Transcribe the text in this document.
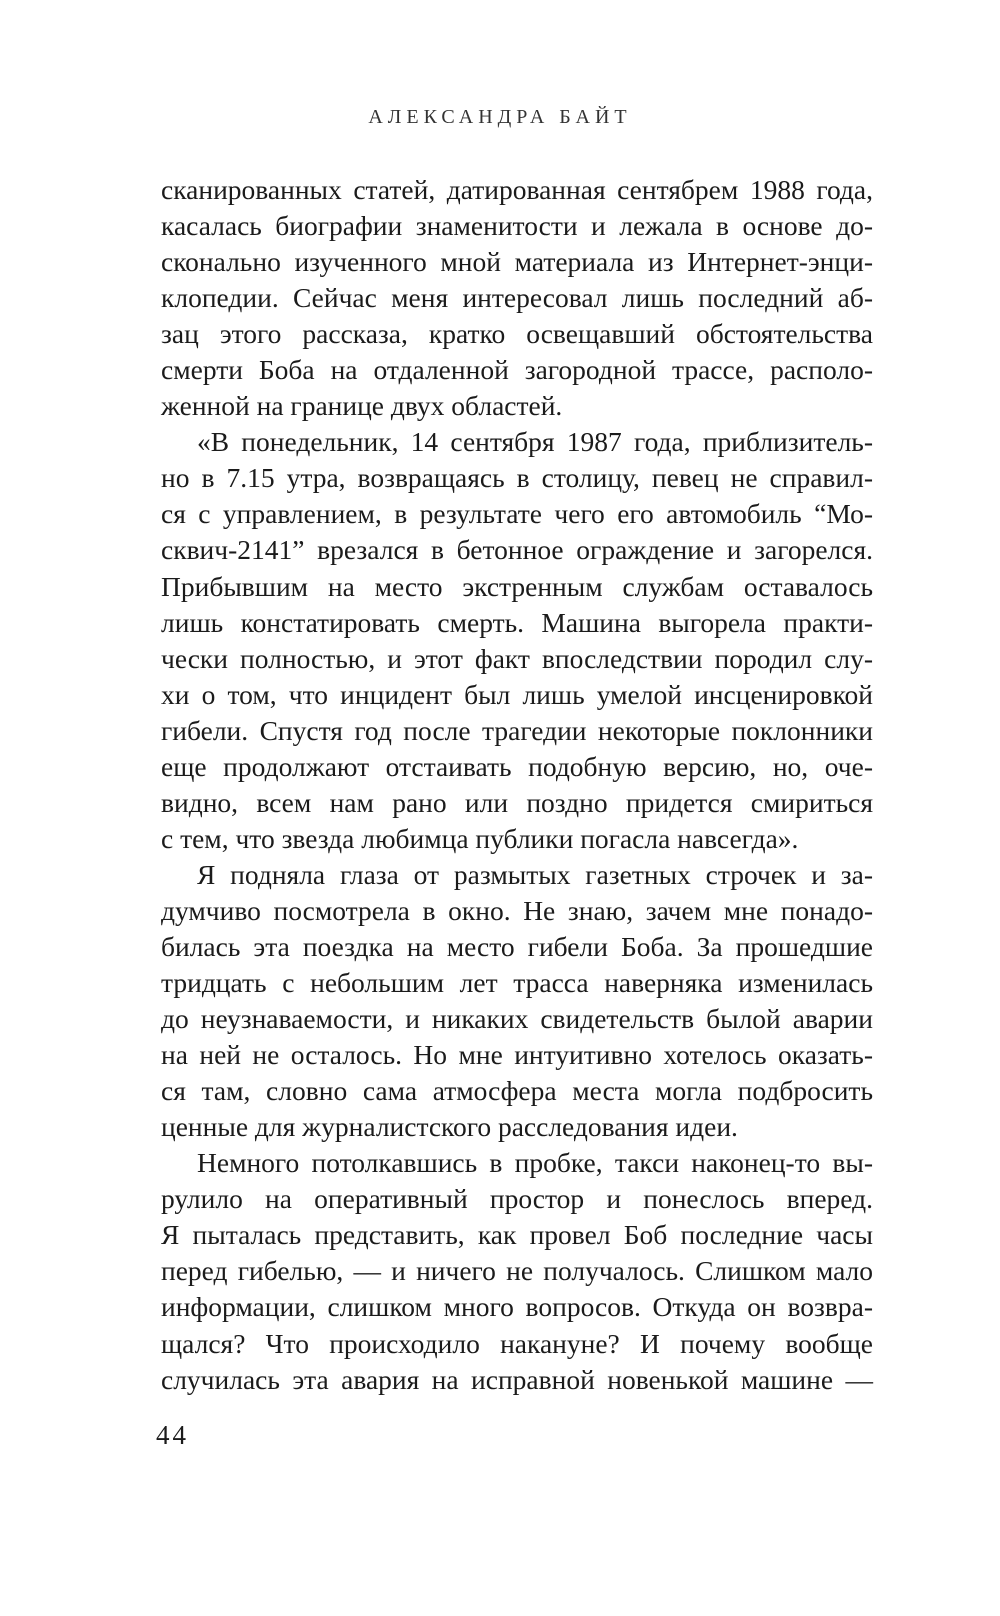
АЛЕКСАНДРА БАЙТ
сканированных статей, датированная сентябрем 1988 года,
касалась биографии знаменитости и лежала в основе до-
сконально изученного мной материала из Интернет-энци-
клопедии. Сейчас меня интересовал лишь последний аб-
зац этого рассказа, кратко освещавший обстоятельства
смерти Боба на отдаленной загородной трассе, располо-
женной на границе двух областей.
«В понедельник, 14 сентября 1987 года, приблизитель-
но в 7.15 утра, возвращаясь в столицу, певец не справил-
ся с управлением, в результате чего его автомобиль “Мо-
сквич-2141” врезался в бетонное ограждение и загорелся.
Прибывшим на место экстренным службам оставалось
лишь констатировать смерть. Машина выгорела практи-
чески полностью, и этот факт впоследствии породил слу-
хи о том, что инцидент был лишь умелой инсценировкой
гибели. Спустя год после трагедии некоторые поклонники
еще продолжают отстаивать подобную версию, но, оче-
видно, всем нам рано или поздно придется смириться
с тем, что звезда любимца публики погасла навсегда».
Я подняла глаза от размытых газетных строчек и за-
думчиво посмотрела в окно. Не знаю, зачем мне понадо-
билась эта поездка на место гибели Боба. За прошедшие
тридцать с небольшим лет трасса наверняка изменилась
до неузнаваемости, и никаких свидетельств былой аварии
на ней не осталось. Но мне интуитивно хотелось оказать-
ся там, словно сама атмосфера места могла подбросить
ценные для журналистского расследования идеи.
Немного потолкавшись в пробке, такси наконец-то вы-
рулило на оперативный простор и понеслось вперед.
Я пыталась представить, как провел Боб последние часы
перед гибелью, — и ничего не получалось. Слишком мало
информации, слишком много вопросов. Откуда он возвра-
щался? Что происходило накануне? И почему вообще
случилась эта авария на исправной новенькой машине —
44
